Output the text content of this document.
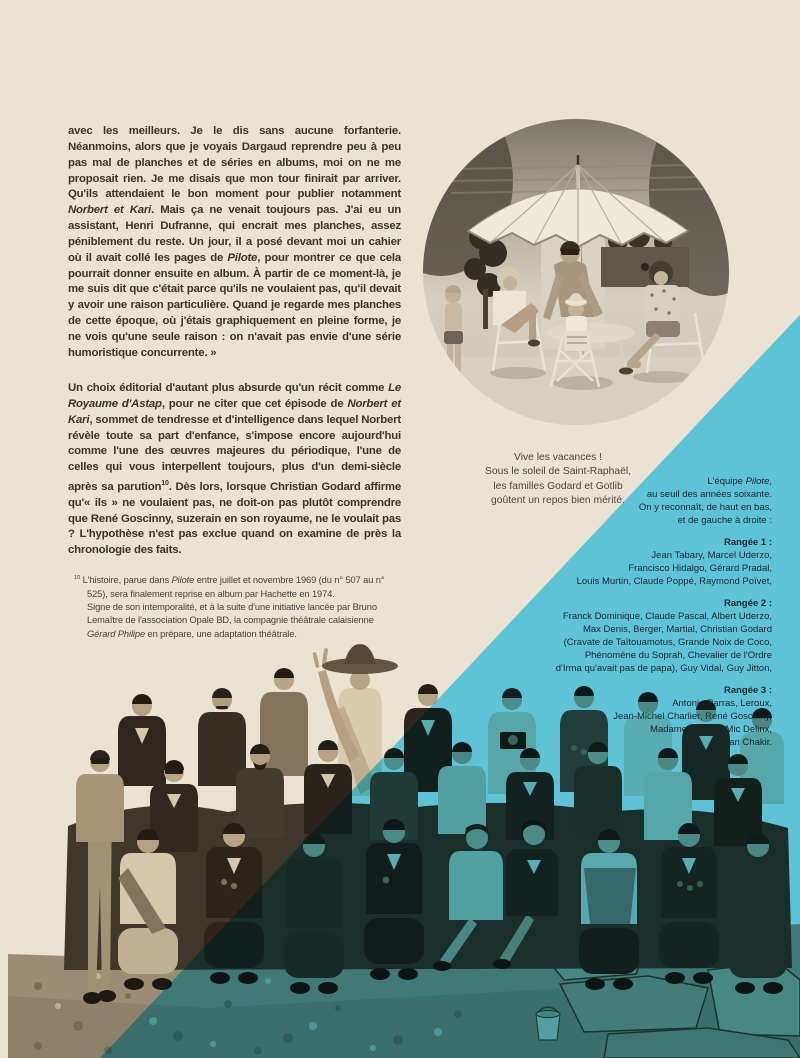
Vive les vacances !
Sous le soleil de Saint-Raphaël,
les familles Godard et Gotlib
goûtent un repos bien mérité.
avec les meilleurs. Je le dis sans aucune forfanterie. Néanmoins, alors que je voyais Dargaud reprendre peu à peu pas mal de planches et de séries en albums, moi on ne me proposait rien. Je me disais que mon tour finirait par arriver. Qu'ils attendaient le bon moment pour publier notamment Norbert et Kari. Mais ça ne venait toujours pas. J'ai eu un assistant, Henri Dufranne, qui encrait mes planches, assez péniblement du reste. Un jour, il a posé devant moi un cahier où il avait collé les pages de Pilote, pour montrer ce que cela pourrait donner ensuite en album. À partir de ce moment-là, je me suis dit que c'était parce qu'ils ne voulaient pas, qu'il devait y avoir une raison particulière. Quand je regarde mes planches de cette époque, où j'étais graphiquement en pleine forme, je ne vois qu'une seule raison : on n'avait pas envie d'une série humoristique concurrente. »
Un choix éditorial d'autant plus absurde qu'un récit comme Le Royaume d'Astap, pour ne citer que cet épisode de Norbert et Kari, sommet de tendresse et d'intelligence dans lequel Norbert révèle toute sa part d'enfance, s'impose encore aujourd'hui comme l'une des œuvres majeures du périodique, l'une de celles qui vous interpellent toujours, plus d'un demi-siècle après sa parution$^{10}$. Dès lors, lorsque Christian Godard affirme qu'« ils » ne voulaient pas, ne doit-on pas plutôt comprendre que René Goscinny, suzerain en son royaume, ne le voulait pas ? L'hypothèse n'est pas exclue quand on examine de près la chronologie des faits.
$^{10}$ L'histoire, parue dans Pilote entre juillet et novembre 1969 (du n° 507 au n° 525), sera finalement reprise en album par Hachette en 1974.
Signe de son intemporalité, et à la suite d'une initiative lancée par Bruno Lemaître de l'association Opale BD, la compagnie théâtrale calaisienne Gérard Philipe en prépare, une adaptation théâtrale.
L'équipe Pilote,
au seuil des années soixante.
On y reconnaît, de haut en bas,
et de gauche à droite :
Rangée 1 :
Jean Tabary, Marcel Uderzo,
Francisco Hidalgo, Gérard Pradal,
Louis Murtin, Claude Poppé, Raymond Poïvet,
Rangée 2 :
Franck Dominique, Claude Pascal, Albert Uderzo,
Max Denis, Berger, Martial, Christian Godard
(Cravate de Taïtouamotus, Grande Noix de Coco,
Phénomène du Soprah, Chevalier de l'Ordre
d'Irma qu'avait pas de papa), Guy Vidal, Guy Jitton,
Rangée 3 :
Antonio Parras, Leroux,
Jean-Michel Charlier, René Goscinny,
Madame Donuet, Mic Delinx,
Jean Chakir.
